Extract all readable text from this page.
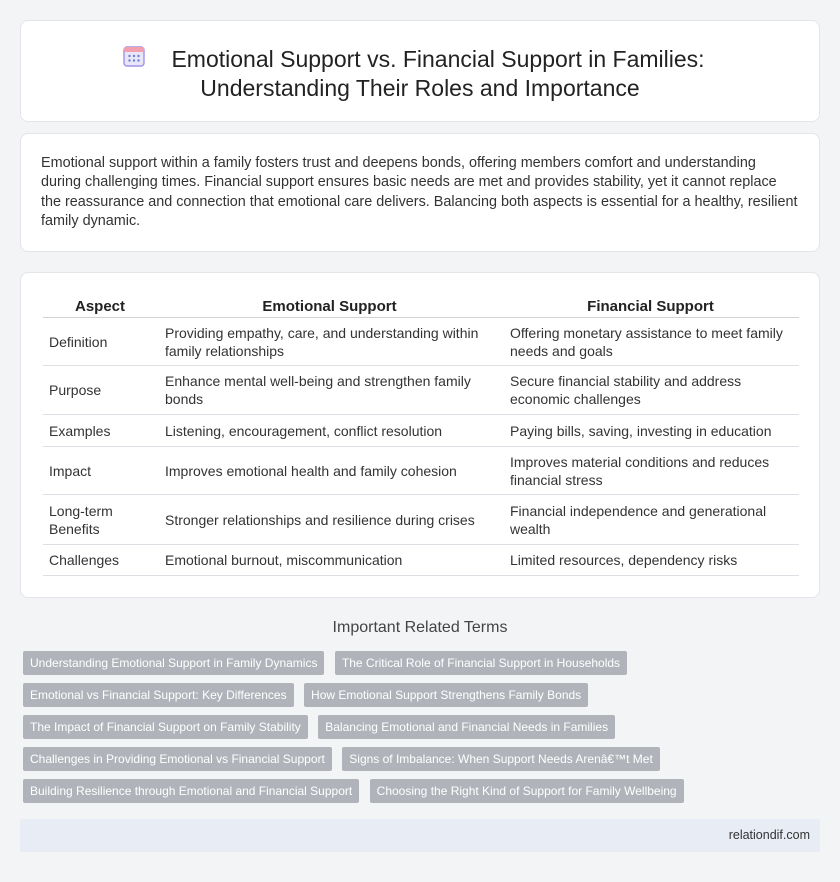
Emotional Support vs. Financial Support in Families:
Understanding Their Roles and Importance

Emotional support within a family fosters trust and deepens bonds, offering members comfort and understanding during challenging times. Financial support ensures basic needs are met and provides stability, yet it cannot replace the reassurance and connection that emotional care delivers. Balancing both aspects is essential for a healthy, resilient family dynamic.

Aspect	Emotional Support	Financial Support
Definition	Providing empathy, care, and understanding within family relationships	Offering monetary assistance to meet family needs and goals
Purpose	Enhance mental well-being and strengthen family bonds	Secure financial stability and address economic challenges
Examples	Listening, encouragement, conflict resolution	Paying bills, saving, investing in education
Impact	Improves emotional health and family cohesion	Improves material conditions and reduces financial stress
Long-term Benefits	Stronger relationships and resilience during crises	Financial independence and generational wealth
Challenges	Emotional burnout, miscommunication	Limited resources, dependency risks
Important Related Terms
Understanding Emotional Support in Family Dynamics The Critical Role of Financial Support in Households
Emotional vs Financial Support: Key Differences How Emotional Support Strengthens Family Bonds
The Impact of Financial Support on Family Stability Balancing Emotional and Financial Needs in Families
Challenges in Providing Emotional vs Financial Support Signs of Imbalance: When Support Needs Arenâ€™t Met
Building Resilience through Emotional and Financial Support Choosing the Right Kind of Support for Family Wellbeing
relationdif.com
